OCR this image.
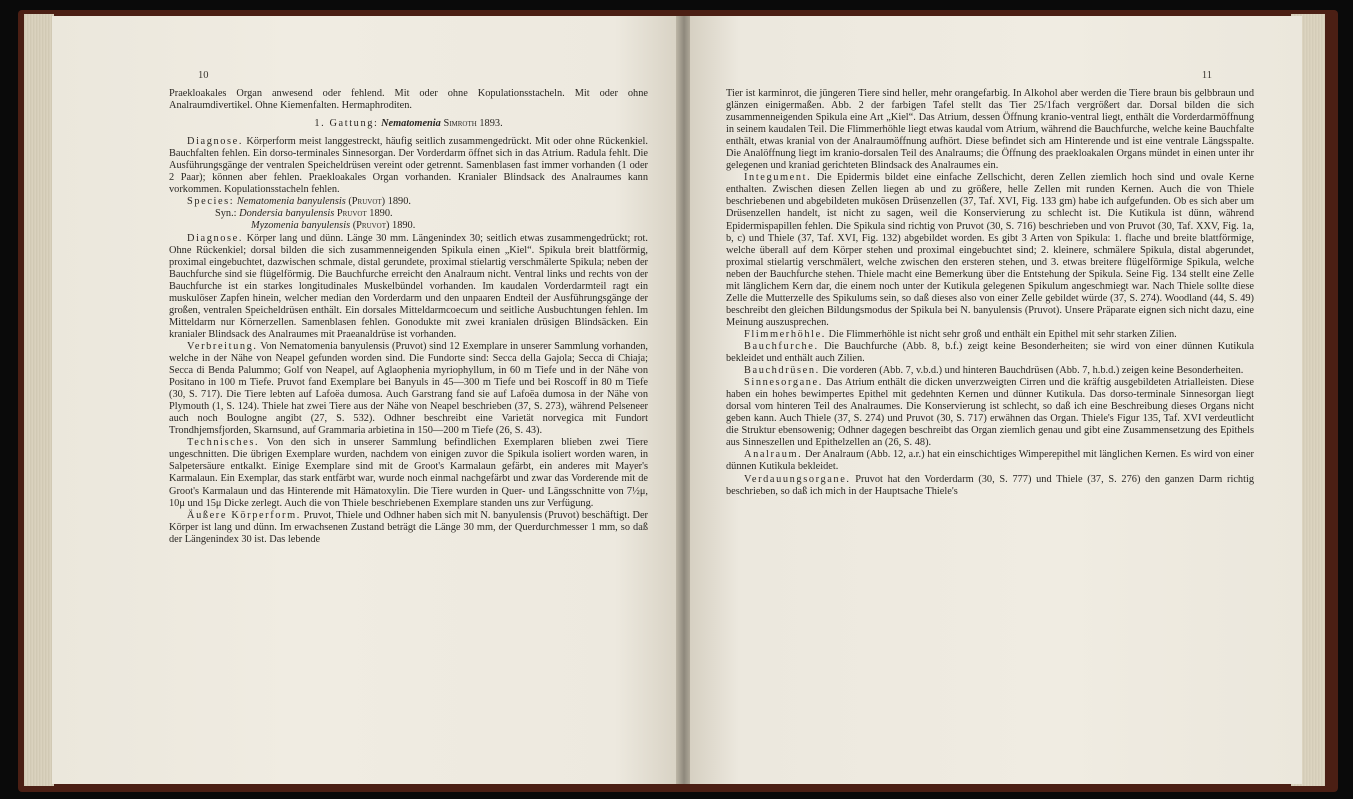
10

Praekloakales Organ anwesend oder fehlend. Mit oder ohne Kopulationsstacheln. Mit oder ohne Analraumdivertikel. Ohne Kiemenfalten. Hermaphroditen.

1. Gattung: Nematomenia Simroth 1893.

Diagnose. Körperform meist langgestreckt, häufig seitlich zusammengedrückt. Mit oder ohne Rückenkiel. Bauchfalten fehlen. Ein dorso-terminales Sinnesorgan. Der Vorderdarm öffnet sich in das Atrium. Radula fehlt. Die Ausführungsgänge der ventralen Speicheldrüsen vereint oder getrennt. Samenblasen fast immer vorhanden (1 oder 2 Paar); können aber fehlen. Praekloakales Organ vorhanden. Kranialer Blindsack des Analraumes kann vorkommen. Kopulationsstacheln fehlen.

Species: Nematomenia banyulensis (Pruvot) 1890.

Syn.: Dondersia banyulensis Pruvot 1890.

Myzomenia banyulensis (Pruvot) 1890.

Diagnose. Körper lang und dünn. Länge 30 mm. Längenindex 30; seitlich etwas zusammengedrückt; rot. Ohne Rückenkiel; dorsal bilden die sich zusammenneigenden Spikula einen „Kiel“. Spikula breit blattförmig, proximal eingebuchtet, dazwischen schmale, distal gerundete, proximal stielartig verschmälerte Spikula; neben der Bauchfurche sind sie flügelförmig. Die Bauchfurche erreicht den Analraum nicht. Ventral links und rechts von der Bauchfurche ist ein starkes longitudinales Muskelbündel vorhanden. Im kaudalen Vorderdarmteil ragt ein muskulöser Zapfen hinein, welcher median den Vorderdarm und den unpaaren Endteil der Ausführungsgänge der großen, ventralen Speicheldrüsen enthält. Ein dorsales Mitteldarmcoecum und seitliche Ausbuchtungen fehlen. Im Mitteldarm nur Körnerzellen. Samenblasen fehlen. Gonodukte mit zwei kranialen drüsigen Blindsäcken. Ein kranialer Blindsack des Analraumes mit Praeanaldrüse ist vorhanden.

Verbreitung. Von Nematomenia banyulensis (Pruvot) sind 12 Exemplare in unserer Sammlung vorhanden, welche in der Nähe von Neapel gefunden worden sind. Die Fundorte sind: Secca della Gajola; Secca di Chiaja; Secca di Benda Palummo; Golf von Neapel, auf Aglaophenia myriophyllum, in 60 m Tiefe und in der Nähe von Positano in 100 m Tiefe. Pruvot fand Exemplare bei Banyuls in 45—300 m Tiefe und bei Roscoff in 80 m Tiefe (30, S. 717). Die Tiere lebten auf Lafoëa dumosa. Auch Garstrang fand sie auf Lafoëa dumosa in der Nähe von Plymouth (1, S. 124). Thiele hat zwei Tiere aus der Nähe von Neapel beschrieben (37, S. 273), während Pelseneer auch noch Boulogne angibt (27, S. 532). Odhner beschreibt eine Varietät norvegica mit Fundort Trondhjemsfjorden, Skarnsund, auf Grammaria arbietina in 150—200 m Tiefe (26, S. 43).

Technisches. Von den sich in unserer Sammlung befindlichen Exemplaren blieben zwei Tiere ungeschnitten. Die übrigen Exemplare wurden, nachdem von einigen zuvor die Spikula isoliert worden waren, in Salpetersäure entkalkt. Einige Exemplare sind mit de Groot's Karmalaun gefärbt, ein anderes mit Mayer's Karmalaun. Ein Exemplar, das stark entfärbt war, wurde noch einmal nachgefärbt und zwar das Vorderende mit de Groot's Karmalaun und das Hinterende mit Hämatoxylin. Die Tiere wurden in Quer- und Längsschnitte von 7½μ, 10μ und 15μ Dicke zerlegt. Auch die von Thiele beschriebenen Exemplare standen uns zur Verfügung.

Äußere Körperform. Pruvot, Thiele und Odhner haben sich mit N. banyulensis (Pruvot) beschäftigt. Der Körper ist lang und dünn. Im erwachsenen Zustand beträgt die Länge 30 mm, der Querdurchmesser 1 mm, so daß der Längenindex 30 ist. Das lebende

11

Tier ist karminrot, die jüngeren Tiere sind heller, mehr orangefarbig. In Alkohol aber werden die Tiere braun bis gelbbraun und glänzen einigermaßen. Abb. 2 der farbigen Tafel stellt das Tier 25/1fach vergrößert dar. Dorsal bilden die sich zusammenneigenden Spikula eine Art „Kiel“. Das Atrium, dessen Öffnung kranio-ventral liegt, enthält die Vorderdarmöffnung in seinem kaudalen Teil. Die Flimmerhöhle liegt etwas kaudal vom Atrium, während die Bauchfurche, welche keine Bauchfalte enthält, etwas kranial von der Analraumöffnung aufhört. Diese befindet sich am Hinterende und ist eine ventrale Längsspalte. Die Analöffnung liegt im kranio-dorsalen Teil des Analraums; die Öffnung des praekloakalen Organs mündet in einen unter ihr gelegenen und kraniad gerichteten Blindsack des Analraumes ein.

Integument. Die Epidermis bildet eine einfache Zellschicht, deren Zellen ziemlich hoch sind und ovale Kerne enthalten. Zwischen diesen Zellen liegen ab und zu größere, helle Zellen mit runden Kernen. Auch die von Thiele beschriebenen und abgebildeten mukösen Drüsenzellen (37, Taf. XVI, Fig. 133 gm) habe ich aufgefunden. Ob es sich aber um Drüsenzellen handelt, ist nicht zu sagen, weil die Konservierung zu schlecht ist. Die Kutikula ist dünn, während Epidermispapillen fehlen. Die Spikula sind richtig von Pruvot (30, S. 716) beschrieben und von Pruvot (30, Taf. XXV, Fig. 1a, b, c) und Thiele (37, Taf. XVI, Fig. 132) abgebildet worden. Es gibt 3 Arten von Spikula: 1. flache und breite blattförmige, welche überall auf dem Körper stehen und proximal eingebuchtet sind; 2. kleinere, schmälere Spikula, distal abgerundet, proximal stielartig verschmälert, welche zwischen den ersteren stehen, und 3. etwas breitere flügelförmige Spikula, welche neben der Bauchfurche stehen. Thiele macht eine Bemerkung über die Entstehung der Spikula. Seine Fig. 134 stellt eine Zelle mit länglichem Kern dar, die einem noch unter der Kutikula gelegenen Spikulum angeschmiegt war. Nach Thiele sollte diese Zelle die Mutterzelle des Spikulums sein, so daß dieses also von einer Zelle gebildet würde (37, S. 274). Woodland (44, S. 49) beschreibt den gleichen Bildungsmodus der Spikula bei N. banyulensis (Pruvot). Unsere Präparate eignen sich nicht dazu, eine Meinung auszusprechen.

Flimmerhöhle. Die Flimmerhöhle ist nicht sehr groß und enthält ein Epithel mit sehr starken Zilien.

Bauchfurche. Die Bauchfurche (Abb. 8, b.f.) zeigt keine Besonderheiten; sie wird von einer dünnen Kutikula bekleidet und enthält auch Zilien.

Bauchdrüsen. Die vorderen (Abb. 7, v.b.d.) und hinteren Bauchdrüsen (Abb. 7, h.b.d.) zeigen keine Besonderheiten.

Sinnesorgane. Das Atrium enthält die dicken unverzweigten Cirren und die kräftig ausgebildeten Atrialleisten. Diese haben ein hohes bewimpertes Epithel mit gedehnten Kernen und dünner Kutikula. Das dorso-terminale Sinnesorgan liegt dorsal vom hinteren Teil des Analraumes. Die Konservierung ist schlecht, so daß ich eine Beschreibung dieses Organs nicht geben kann. Auch Thiele (37, S. 274) und Pruvot (30, S. 717) erwähnen das Organ. Thiele's Figur 135, Taf. XVI verdeutlicht die Struktur ebensowenig; Odhner dagegen beschreibt das Organ ziemlich genau und gibt eine Zusammensetzung des Epithels aus Sinneszellen und Epithelzellen an (26, S. 48).

Analraum. Der Analraum (Abb. 12, a.r.) hat ein einschichtiges Wimperepithel mit länglichen Kernen. Es wird von einer dünnen Kutikula bekleidet.

Verdauungsorgane. Pruvot hat den Vorderdarm (30, S. 777) und Thiele (37, S. 276) den ganzen Darm richtig beschrieben, so daß ich mich in der Hauptsache Thiele's
